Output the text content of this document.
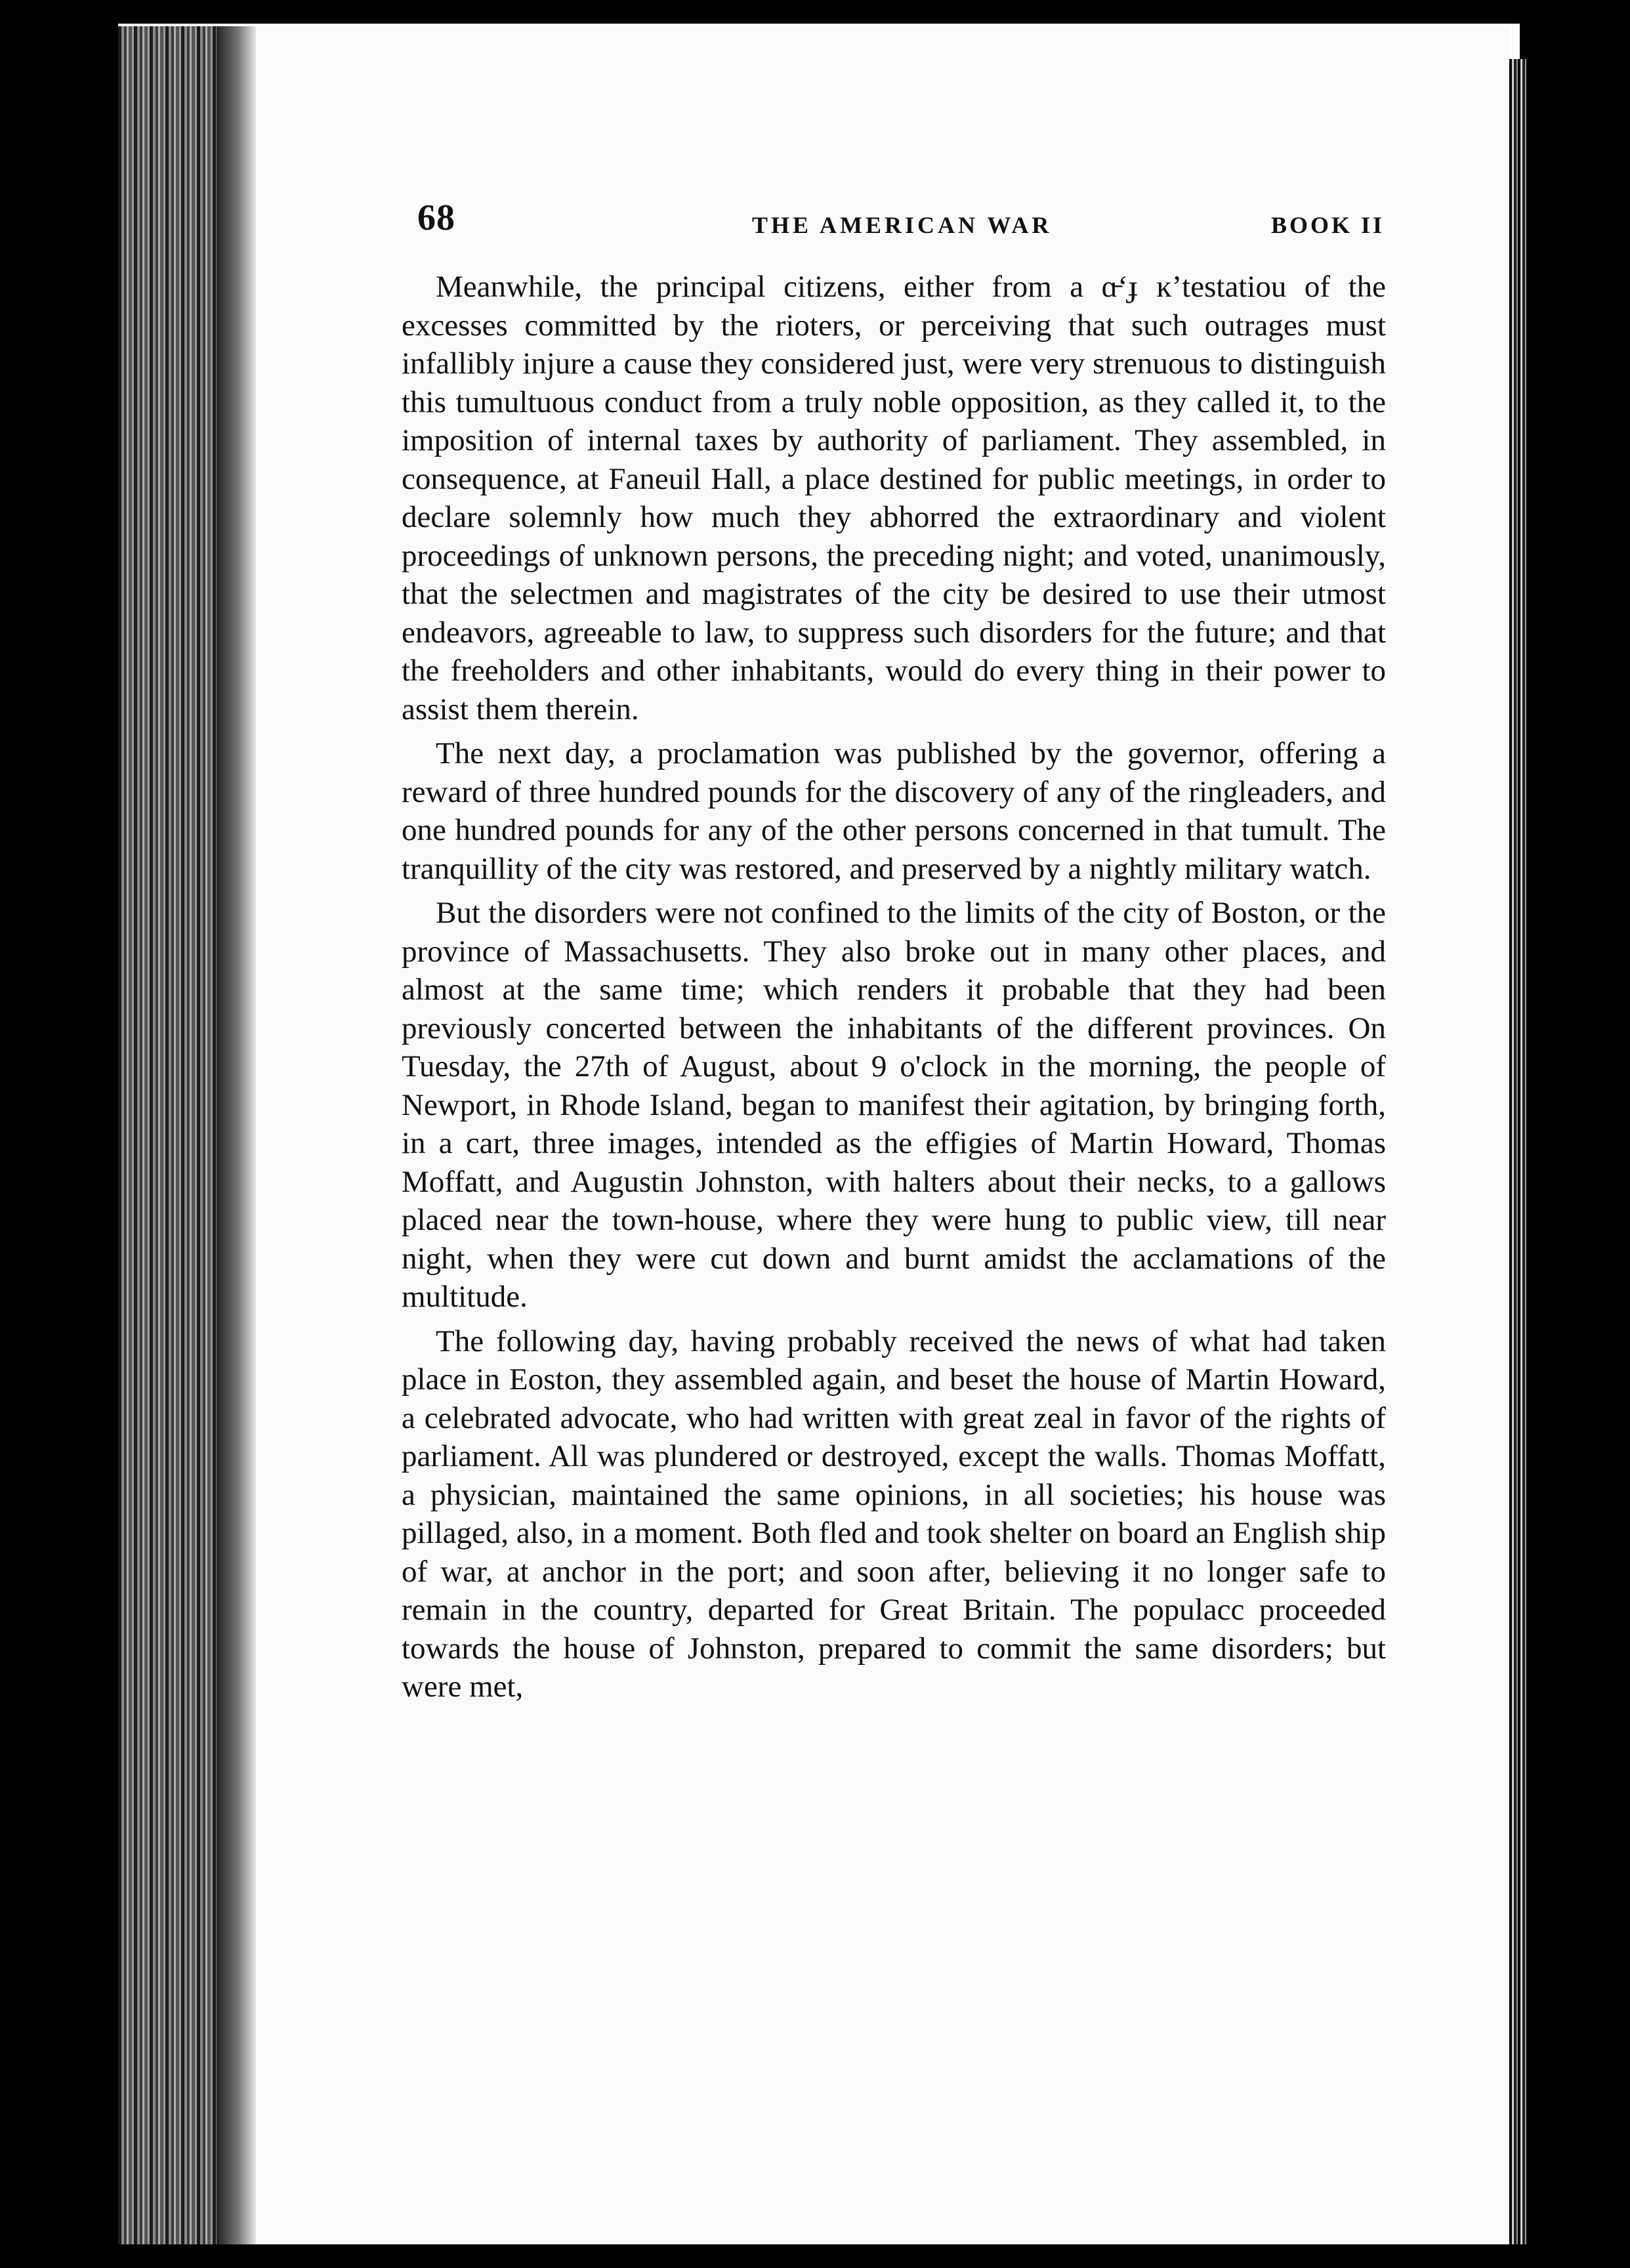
68	THE AMERICAN WAR	BOOK II

Meanwhile, the principal citizens, either from a ɑ̵ʻɟ ĸʼtestatiou of the excesses committed by the rioters, or perceiving that such outrages must infallibly injure a cause they considered just, were very strenuous to distinguish this tumultuous conduct from a truly noble opposition, as they called it, to the imposition of internal taxes by authority of parliament. They assembled, in consequence, at Faneuil Hall, a place destined for public meetings, in order to declare solemnly how much they abhorred the extraordinary and violent proceedings of unknown persons, the preceding night; and voted, unanimously, that the selectmen and magistrates of the city be desired to use their utmost endeavors, agreeable to law, to suppress such disorders for the future; and that the freeholders and other inhabitants, would do every thing in their power to assist them therein.

The next day, a proclamation was published by the governor, offering a reward of three hundred pounds for the discovery of any of the ringleaders, and one hundred pounds for any of the other persons concerned in that tumult. The tranquillity of the city was restored, and preserved by a nightly military watch.

But the disorders were not confined to the limits of the city of Boston, or the province of Massachusetts. They also broke out in many other places, and almost at the same time; which renders it probable that they had been previously concerted between the inhabitants of the different provinces. On Tuesday, the 27th of August, about 9 o'clock in the morning, the people of Newport, in Rhode Island, began to manifest their agitation, by bringing forth, in a cart, three images, intended as the effigies of Martin Howard, Thomas Moffatt, and Augustin Johnston, with halters about their necks, to a gallows placed near the town-house, where they were hung to public view, till near night, when they were cut down and burnt amidst the acclamations of the multitude.

The following day, having probably received the news of what had taken place in Eoston, they assembled again, and beset the house of Martin Howard, a celebrated advocate, who had written with great zeal in favor of the rights of parliament. All was plundered or destroyed, except the walls. Thomas Moffatt, a physician, maintained the same opinions, in all societies; his house was pillaged, also, in a moment. Both fled and took shelter on board an English ship of war, at anchor in the port; and soon after, believing it no longer safe to remain in the country, departed for Great Britain. The populacc proceeded towards the house of Johnston, prepared to commit the same disorders; but were met,
